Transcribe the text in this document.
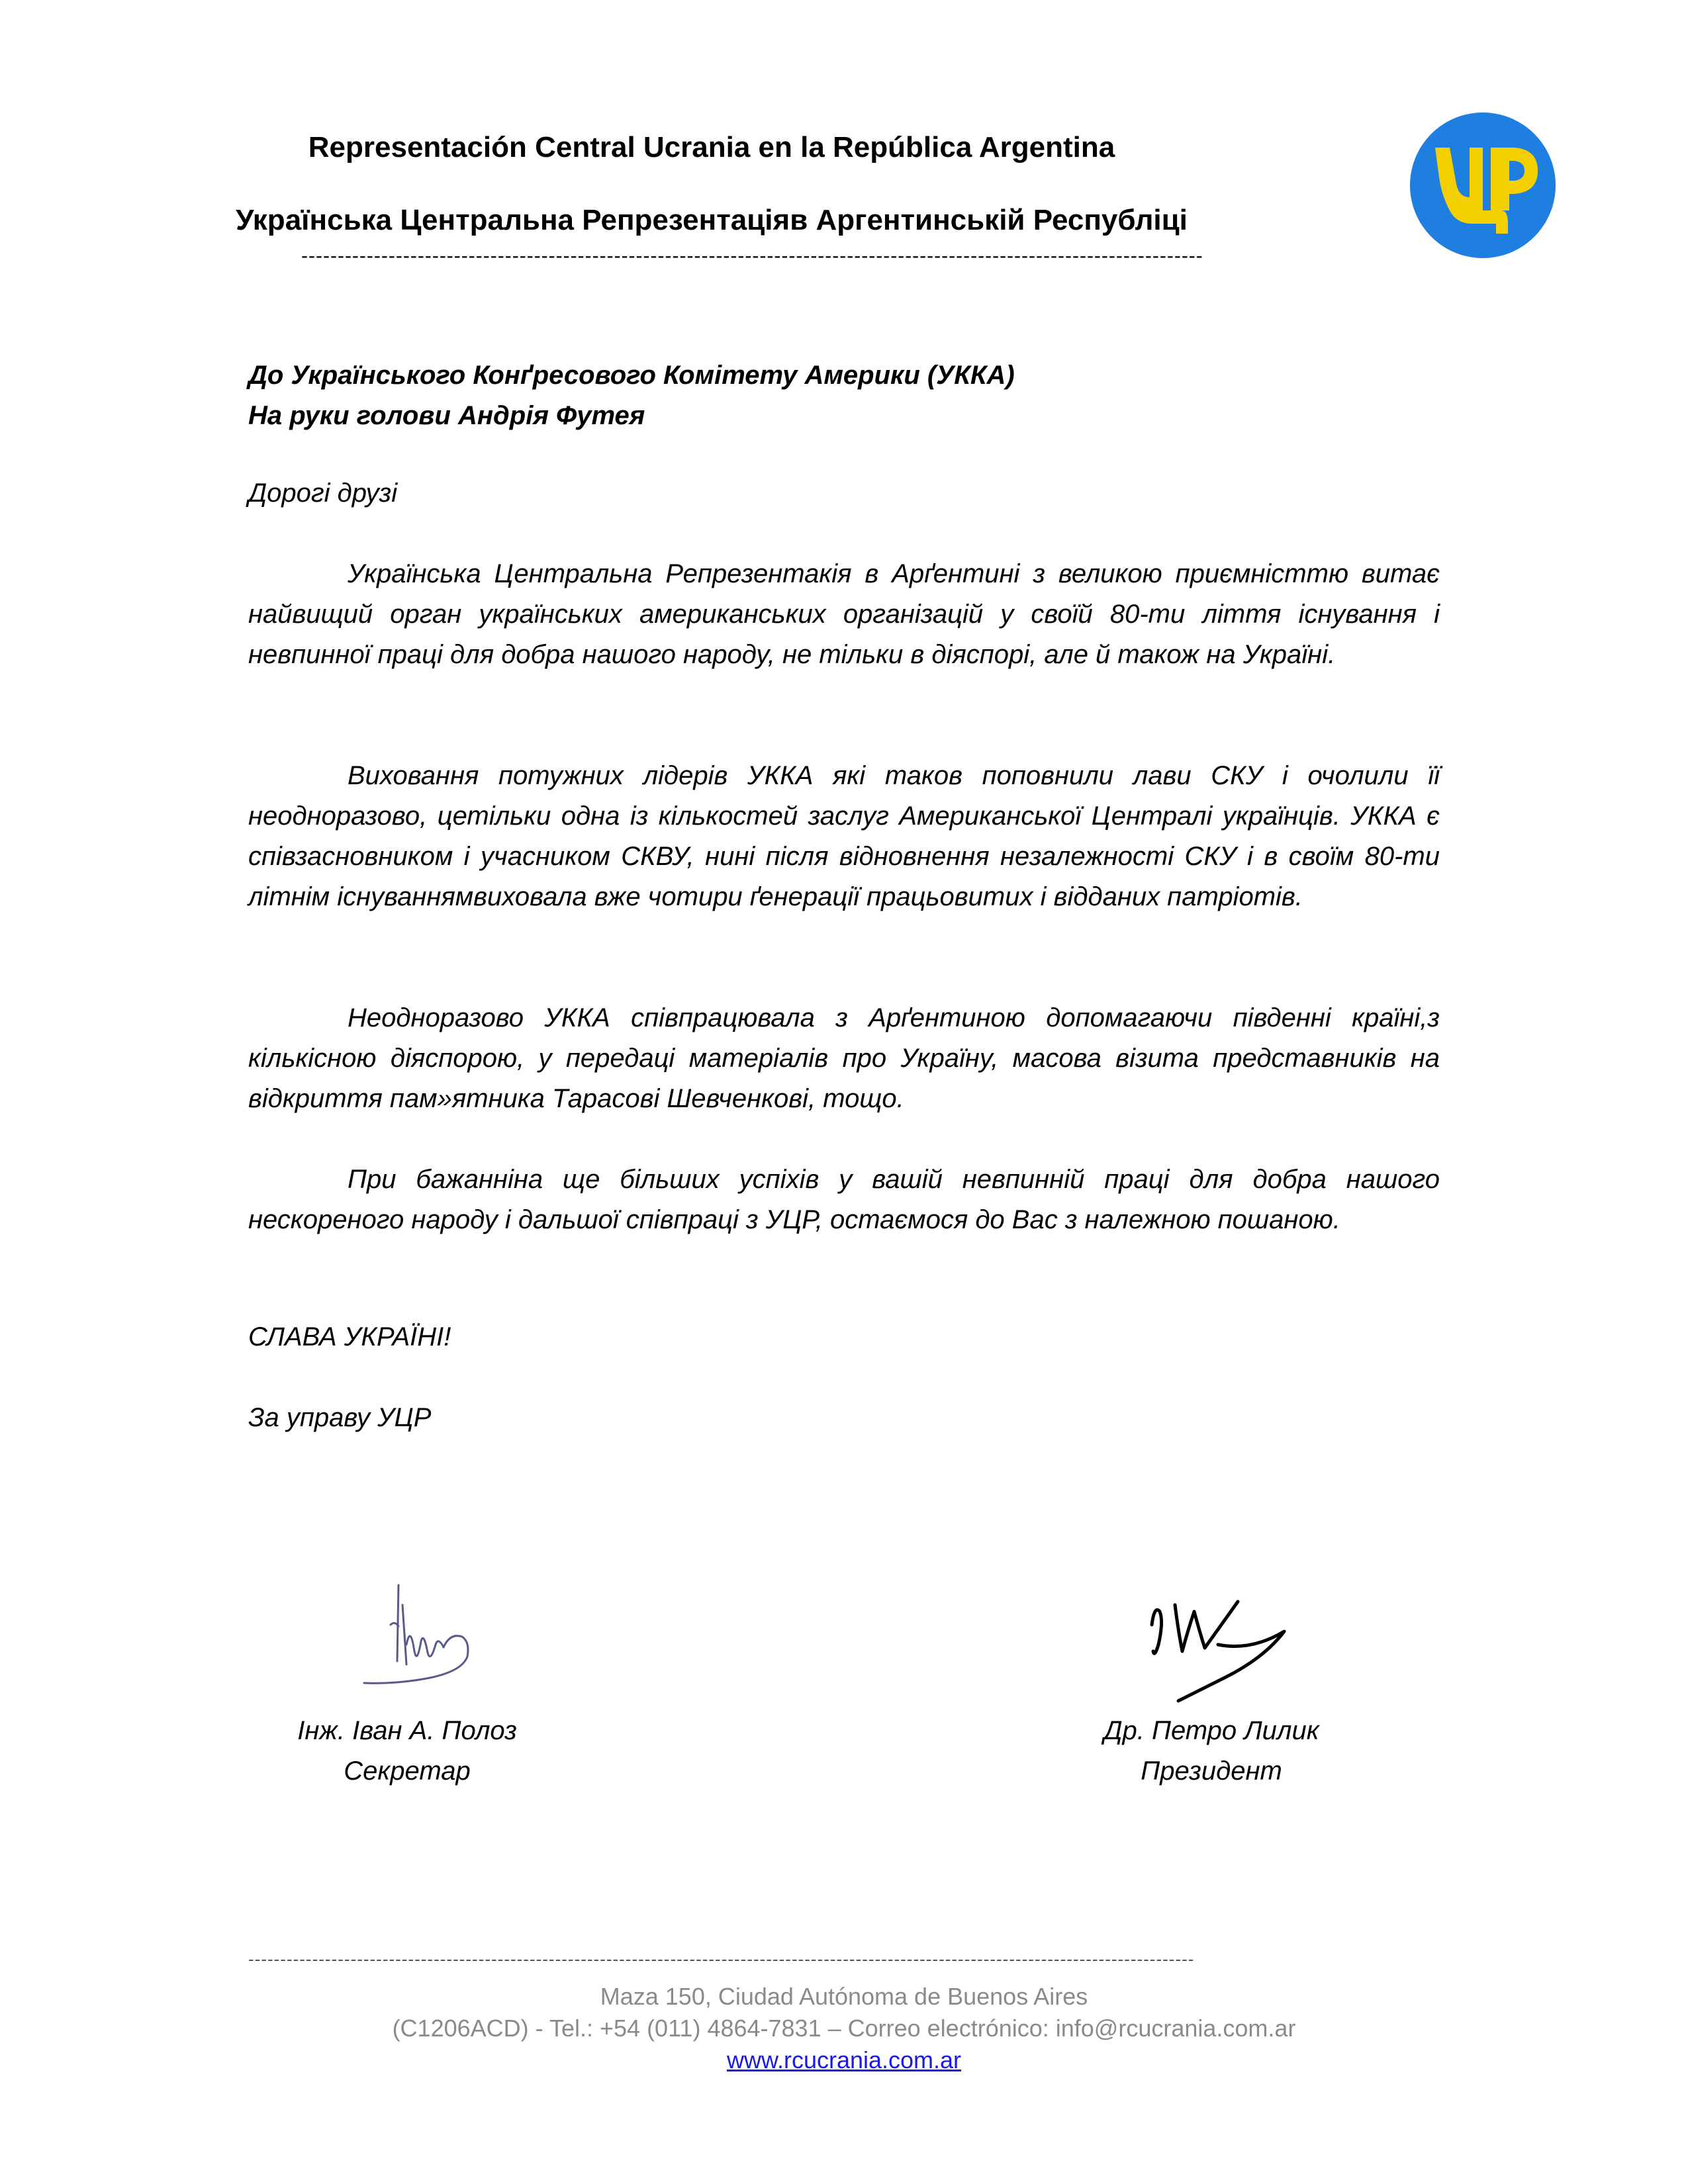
Representación Central Ucrania en la República Argentina
Українська Центральна Репрезентаціяв Аргентинській Республіці
----------------------------------------------------------------------------------------------------------------------------
До Українського Конґресового Комітету Америки (УККА)
На руки голови Андрія Футея
Дорогі друзі
Українська Центральна Репрезентакія в Арґентині з великою приємністтю витає найвищий орган українських американських організацій у своїй 80-ти ліття існування і невпинної праці для добра нашого народу, не тільки в діяспорі, але й також на Україні.
Виховання потужних лідерів УККА які таков поповнили лави СКУ і очолили її неодноразово, цетільки одна із кількостей заслуг Американської Централі українців. УККА є співзасновником і учасником СКВУ, нині після відновнення незалежності СКУ і в своїм 80-ти літнім існуваннямвиховала вже чотири ґенерації працьовитих і відданих патріотів.
Неодноразово УККА співпрацювала з Арґентиною допомагаючи південні країні,з кількісною діяспорою, у передаці матеріалів про Україну, масова візита представників на відкриття пам»ятника Тарасові Шевченкові, тощо.
При бажанніна ще більших успіхів у вашій невпинній праці для добра нашого нескореного народу і дальшої співпраці з УЦР, остаємося до Вас з належною пошаною.
СЛАВА УКРАЇНІ!
За управу УЦР
Інж. Іван А. Полоз
Секретар
Др. Петро Лилик
Президент
----------------------------------------------------------------------------------------------------------------------------------------------------
Maza 150, Ciudad Autónoma de Buenos Aires
(C1206ACD) - Tel.: +54 (011) 4864-7831 – Correo electrónico: info@rcucrania.com.ar
www.rcucrania.com.ar
